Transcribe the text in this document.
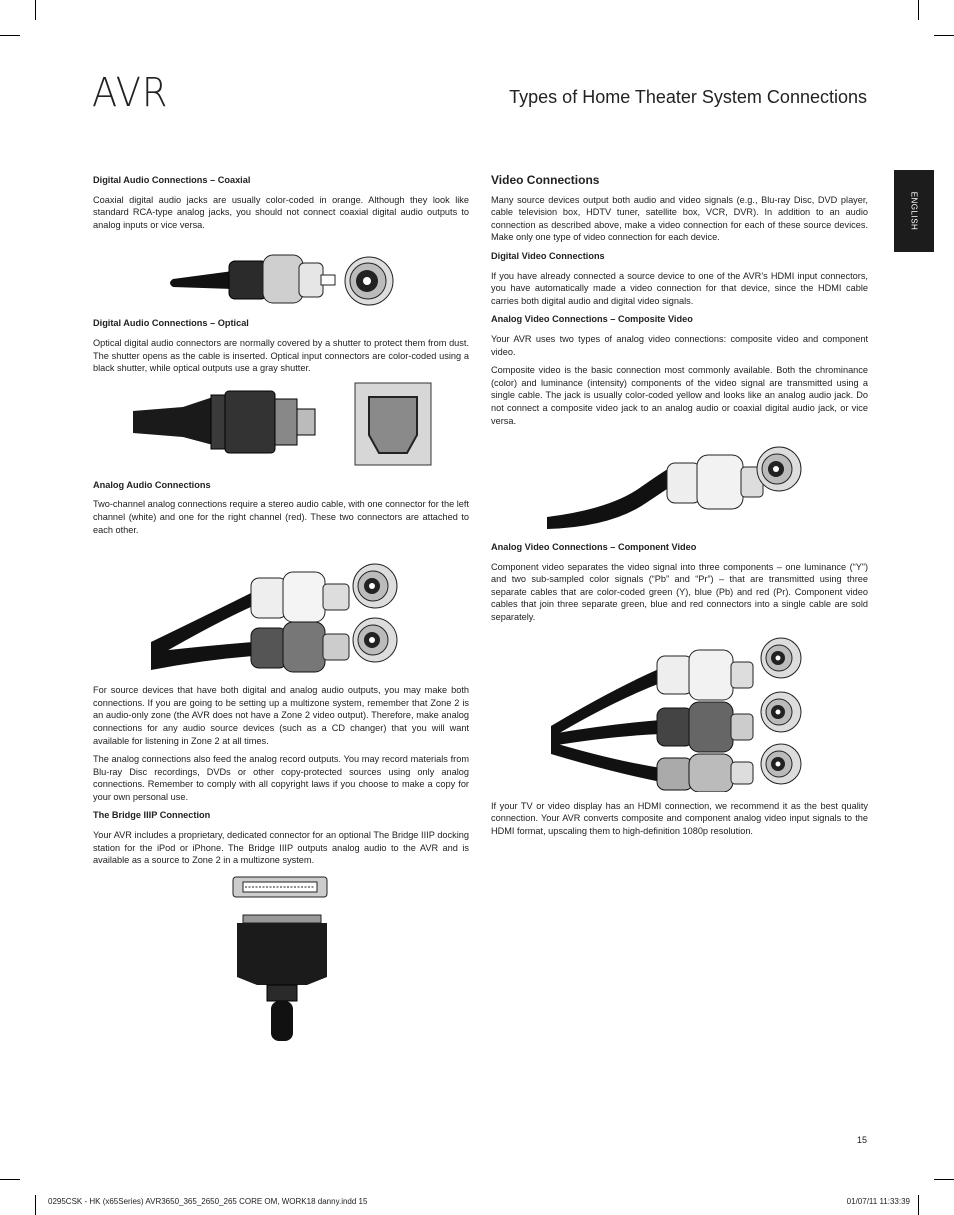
AVR	Types of Home Theater System Connections
ENGLISH
Digital Audio Connections – Coaxial

Coaxial digital audio jacks are usually color-coded in orange. Although they look like standard RCA-type analog jacks, you should not connect coaxial digital audio outputs to analog inputs or vice versa.

Digital Audio Connections – Optical

Optical digital audio connectors are normally covered by a shutter to protect them from dust. The shutter opens as the cable is inserted. Optical input connectors are color-coded using a black shutter, while optical outputs use a gray shutter.

Analog Audio Connections

Two-channel analog connections require a stereo audio cable, with one connector for the left channel (white) and one for the right channel (red). These two connectors are attached to each other.

For source devices that have both digital and analog audio outputs, you may make both connections. If you are going to be setting up a multizone system, remember that Zone 2 is an audio-only zone (the AVR does not have a Zone 2 video output). Therefore, make analog connections for any audio source devices (such as a CD changer) that you will want available for listening in Zone 2 at all times.

The analog connections also feed the analog record outputs. You may record materials from Blu-ray Disc recordings, DVDs or other copy-protected sources using only analog connections. Remember to comply with all copyright laws if you choose to make a copy for your own personal use.

The Bridge IIIP Connection

Your AVR includes a proprietary, dedicated connector for an optional The Bridge IIIP docking station for the iPod or iPhone. The Bridge IIIP outputs analog audio to the AVR and is available as a source to Zone 2 in a multizone system.

Video Connections

Many source devices output both audio and video signals (e.g., Blu-ray Disc, DVD player, cable television box, HDTV tuner, satellite box, VCR, DVR). In addition to an audio connection as described above, make a video connection for each of these source devices. Make only one type of video connection for each device.

Digital Video Connections

If you have already connected a source device to one of the AVR’s HDMI input connectors, you have automatically made a video connection for that device, since the HDMI cable carries both digital audio and digital video signals.

Analog Video Connections – Composite Video

Your AVR uses two types of analog video connections: composite video and component video.

Composite video is the basic connection most commonly available. Both the chrominance (color) and luminance (intensity) components of the video signal are transmitted using a single cable. The jack is usually color-coded yellow and looks like an analog audio jack. Do not connect a composite video jack to an analog audio or coaxial digital audio jack, or vice versa.

Analog Video Connections – Component Video

Component video separates the video signal into three components – one luminance (“Y”) and two sub-sampled color signals (“Pb” and “Pr”) – that are transmitted using three separate cables that are color-coded green (Y), blue (Pb) and red (Pr). Component video cables that join three separate green, blue and red connectors into a single cable are sold separately.

If your TV or video display has an HDMI connection, we recommend it as the best quality connection. Your AVR converts composite and component analog video input signals to the HDMI format, upscaling them to high-definition 1080p resolution.

15
0295CSK - HK (x65Series) AVR3650_365_2650_265 CORE OM, WORK18 danny.indd 15	01/07/11 11:33:39
